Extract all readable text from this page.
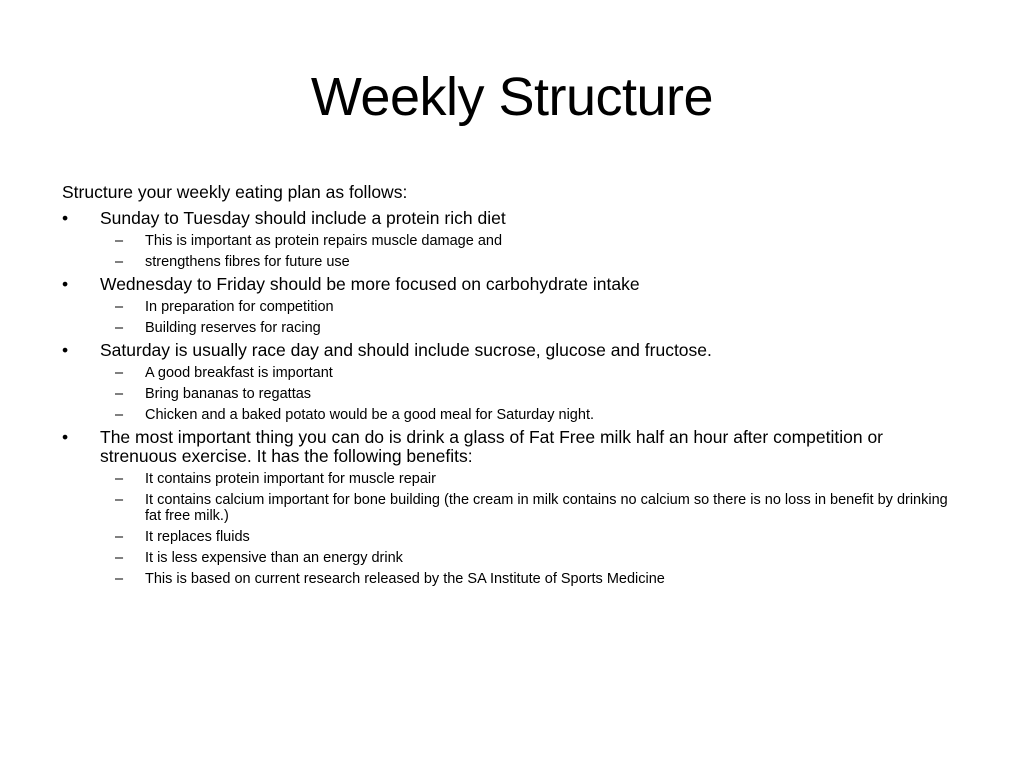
Weekly Structure

Structure your weekly eating plan as follows:

•	Sunday to Tuesday should include a protein rich diet
– This is important as protein repairs muscle damage and
– strengthens fibres for future use
•	Wednesday to Friday should be more focused on carbohydrate intake
– In preparation for competition
– Building reserves for racing
•	Saturday is usually race day and should include sucrose, glucose and fructose.
– A good breakfast is important
– Bring bananas to regattas
– Chicken and a baked potato would be a good meal for Saturday night.
•	The most important thing you can do is drink a glass of Fat Free milk half an hour after competition or strenuous exercise. It has the following benefits:
– It contains protein important for muscle repair
– It contains calcium important for bone building (the cream in milk contains no calcium so there is no loss in benefit by drinking fat free milk.)
– It replaces fluids
– It is less expensive than an energy drink
– This is based on current research released by the SA Institute of Sports Medicine
